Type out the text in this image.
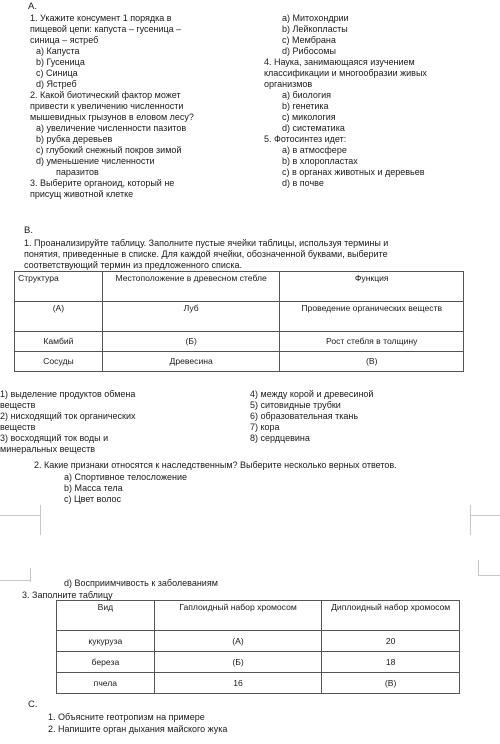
A.
1. Укажите консумент 1 порядка в
пищевой цепи: капуста – гусеница –
синица – ястреб
a) Капуста
b) Гусеница
c) Синица
d) Ястреб
2. Какой биотический фактор может
привести к увеличению численности
мышевидных грызунов в еловом лесу?
a) увеличение численности пазитов
b) рубка деревьев
c) глубокий снежный покров зимой
d) уменьшение численности
паразитов
3. Выберите органоид, который не
присущ животной клетке
a) Митохондрии
b) Лейкопласты
c) Мембрана
d) Рибосомы
4. Наука, занимающаяся изучением
классификации и многообразии живых
организмов
a) биология
b) генетика
c) микология
d) систематика
5. Фотосинтез идет:
a) в атмосфере
b) в хлоропластах
c) в органах животных и деревьев
d) в почве
B.
1. Проанализируйте таблицу. Заполните пустые ячейки таблицы, используя термины и
понятия, приведенные в списке. Для каждой ячейки, обозначенной буквами, выберите
соответствующий термин из предложенного списка.
Структура	Местоположение в древесном стебле	Функция
(А)	Луб	Проведение органических веществ
Камбий	(Б)	Рост стебля в толщину
Сосуды	Древесина	(В)
1) выделение продуктов обмена
веществ
2) нисходящий ток органических
веществ
3) восходящий ток воды и
минеральных веществ
4) между корой и древесиной
5) ситовидные трубки
6) образовательная ткань
7) кора
8) сердцевина
2. Какие признаки относятся к наследственным? Выберите несколько верных ответов.
a) Спортивное телосложение
b) Масса тела
c) Цвет волос
d) Восприимчивость к заболеваниям
3. Заполните таблицу
Вид	Гаплоидный набор хромосом	Диплоидный набор хромосом
кукуруза	(А)	20
береза	(Б)	18
пчела	16	(В)
C.
1. Объясните геотропизм на примере
2. Напишите орган дыхания майского жука
